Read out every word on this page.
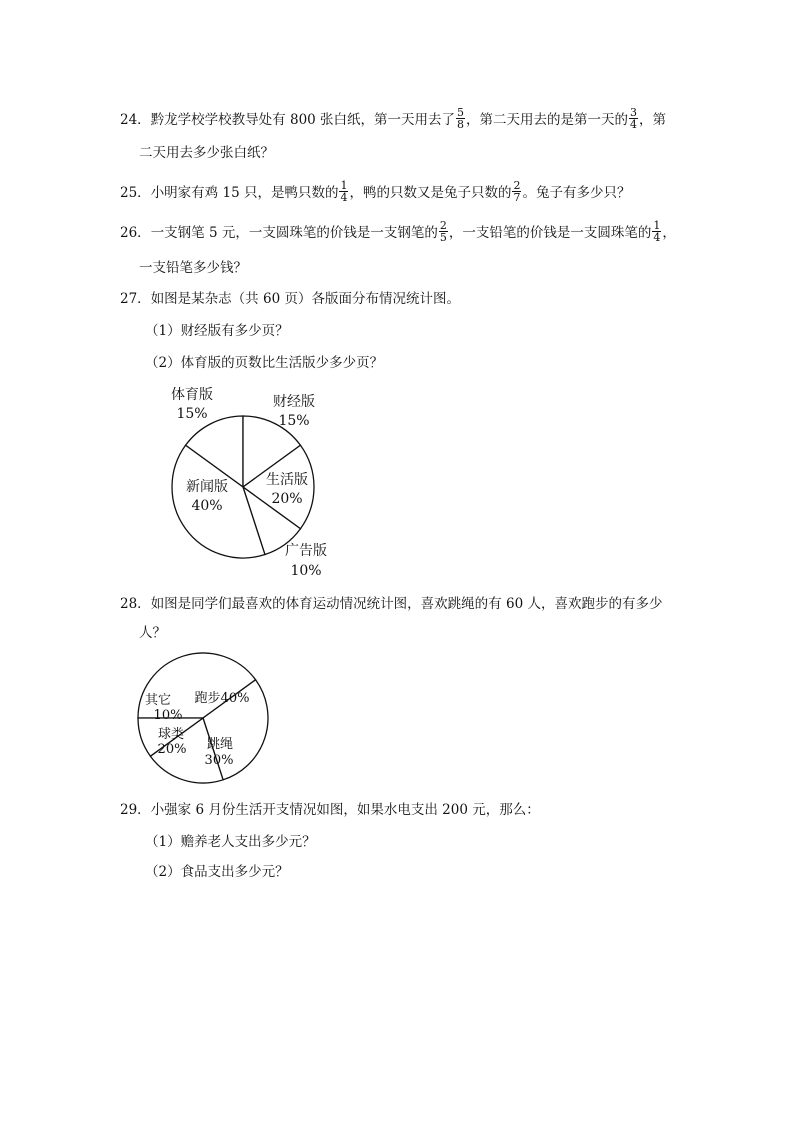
24．黔龙学校学校教导处有 800 张白纸，第一天用去了 $\frac{5}{8}$ ，第二天用去的是第一天的 $\frac{3}{4}$ ，第
二天用去多少张白纸？
25．小明家有鸡 15 只，是鸭只数的 $\frac{1}{4}$ ，鸭的只数又是兔子只数的 $\frac{2}{7}$ 。兔子有多少只？
26．一支钢笔 5 元，一支圆珠笔的价钱是一支钢笔的 $\frac{2}{5}$ ，一支铅笔的价钱是一支圆珠笔的 $\frac{1}{4}$ ，
一支铅笔多少钱？
27．如图是某杂志（共 60 页）各版面分布情况统计图。
（1）财经版有多少页？
（2）体育版的页数比生活版少多少页？
体育版
15%
财经版
15%
生活版
20%
新闻版
40%
广告版
10%
28．如图是同学们最喜欢的体育运动情况统计图，喜欢跳绳的有 60 人，喜欢跑步的有多少
人？
跑步40%
其它
10%
球类
20% 跳绳
30%
29．小强家 6 月份生活开支情况如图，如果水电支出 200 元，那么：
（1）赡养老人支出多少元？
（2）食品支出多少元？
